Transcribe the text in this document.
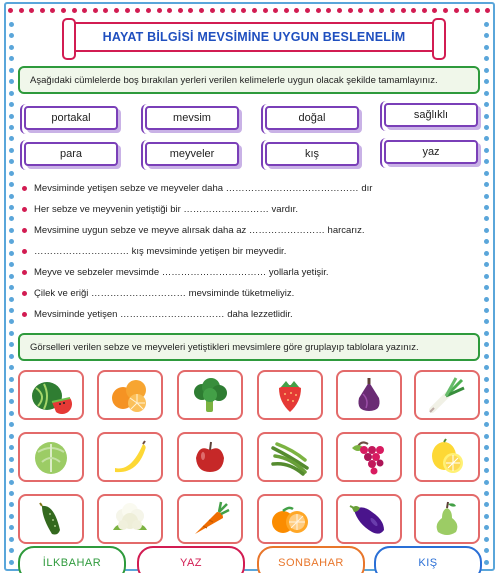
HAYAT BİLGİSİ MEVSİMİNE UYGUN BESLENELİM
Aşağıdaki cümlelerde boş bırakılan yerleri verilen kelimelerle uygun olacak şekilde tamamlayınız.
portakal	mevsim	doğal	sağlıklı
para	meyveler	kış	yaz
Mevsiminde yetişen sebze ve meyveler daha …………………………………… dır
Her sebze ve meyvenin yetiştiği bir ……………………… vardır.
Mevsimine uygun sebze ve meyve alırsak daha az …………………… harcarız.
………………………… kış mevsiminde yetişen bir meyvedir.
Meyve ve sebzeler mevsimde …………………………… yollarla yetişir.
Çilek ve eriği ………………………… mevsiminde tüketmeliyiz.
Mevsiminde yetişen …………………………… daha lezzetlidir.
Görselleri verilen sebze ve meyveleri yetiştikleri mevsimlere göre gruplayıp tablolara yazınız.
İLKBAHAR	YAZ	SONBAHAR	KIŞ
